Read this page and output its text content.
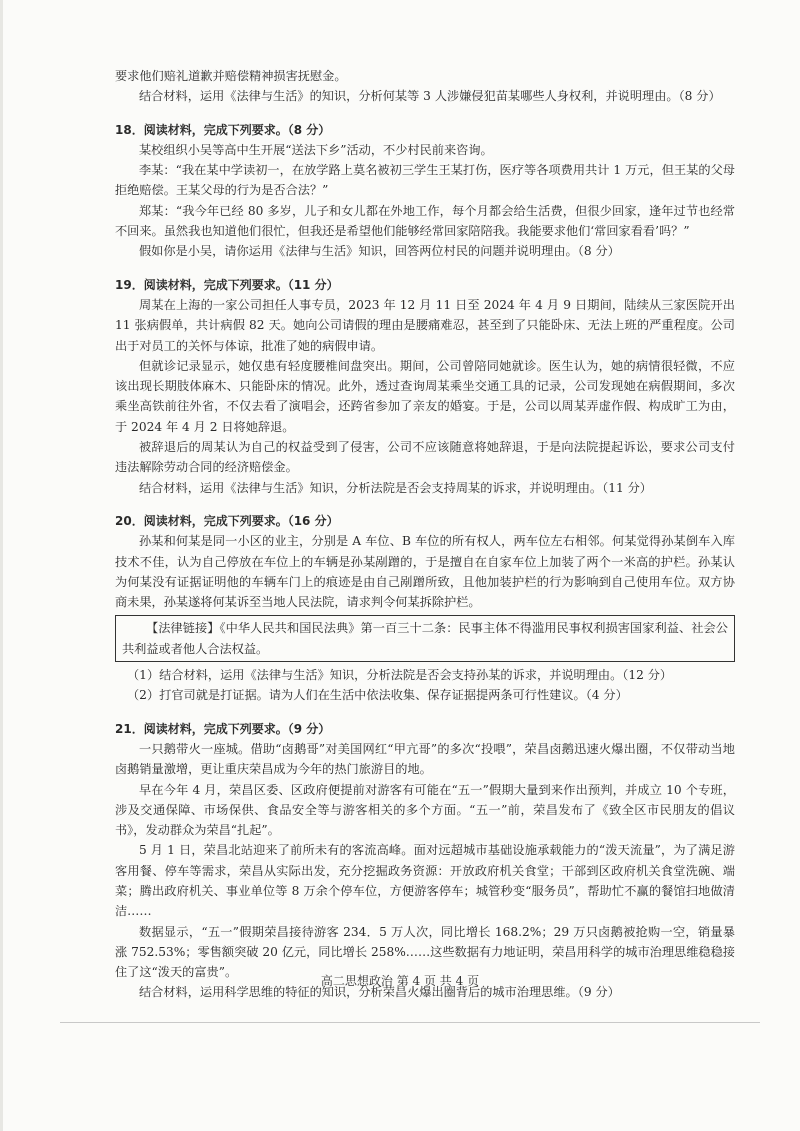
要求他们赔礼道歉并赔偿精神损害抚慰金。

结合材料，运用《法律与生活》的知识，分析何某等 3 人涉嫌侵犯苗某哪些人身权利，并说明理由。（8 分）

18．阅读材料，完成下列要求。（8 分）

某校组织小吴等高中生开展“送法下乡”活动，不少村民前来咨询。

李某：“我在某中学读初一，在放学路上莫名被初三学生王某打伤，医疗等各项费用共计 1 万元，但王某的父母拒绝赔偿。王某父母的行为是否合法？”

郑某：“我今年已经 80 多岁，儿子和女儿都在外地工作，每个月都会给生活费，但很少回家，逢年过节也经常不回来。虽然我也知道他们很忙，但我还是希望他们能够经常回家陪陪我。我能要求他们‘常回家看看’吗？”

假如你是小吴，请你运用《法律与生活》知识，回答两位村民的问题并说明理由。（8 分）

19．阅读材料，完成下列要求。（11 分）

周某在上海的一家公司担任人事专员，2023 年 12 月 11 日至 2024 年 4 月 9 日期间，陆续从三家医院开出 11 张病假单，共计病假 82 天。她向公司请假的理由是腰痛难忍，甚至到了只能卧床、无法上班的严重程度。公司出于对员工的关怀与体谅，批准了她的病假申请。

但就诊记录显示，她仅患有轻度腰椎间盘突出。期间，公司曾陪同她就诊。医生认为，她的病情很轻微，不应该出现长期肢体麻木、只能卧床的情况。此外，透过查询周某乘坐交通工具的记录，公司发现她在病假期间，多次乘坐高铁前往外省，不仅去看了演唱会，还跨省参加了亲友的婚宴。于是，公司以周某弄虚作假、构成旷工为由，于 2024 年 4 月 2 日将她辞退。

被辞退后的周某认为自己的权益受到了侵害，公司不应该随意将她辞退，于是向法院提起诉讼，要求公司支付违法解除劳动合同的经济赔偿金。

结合材料，运用《法律与生活》知识，分析法院是否会支持周某的诉求，并说明理由。（11 分）

20．阅读材料，完成下列要求。（16 分）

孙某和何某是同一小区的业主，分别是 A 车位、B 车位的所有权人，两车位左右相邻。何某觉得孙某倒车入库技术不佳，认为自己停放在车位上的车辆是孙某剐蹭的，于是擅自在自家车位上加装了两个一米高的护栏。孙某认为何某没有证据证明他的车辆车门上的痕迹是由自己剐蹭所致，且他加装护栏的行为影响到自己使用车位。双方协商未果，孙某遂将何某诉至当地人民法院，请求判令何某拆除护栏。

【法律链接】《中华人民共和国民法典》第一百三十二条：民事主体不得滥用民事权利损害国家利益、社会公共利益或者他人合法权益。

（1）结合材料，运用《法律与生活》知识，分析法院是否会支持孙某的诉求，并说明理由。（12 分）

（2）打官司就是打证据。请为人们在生活中依法收集、保存证据提两条可行性建议。（4 分）

21．阅读材料，完成下列要求。（9 分）

一只鹅带火一座城。借助“卤鹅哥”对美国网红“甲亢哥”的多次“投喂”，荣昌卤鹅迅速火爆出圈，不仅带动当地卤鹅销量激增，更让重庆荣昌成为今年的热门旅游目的地。

早在今年 4 月，荣昌区委、区政府便提前对游客有可能在“五一”假期大量到来作出预判，并成立 10 个专班，涉及交通保障、市场保供、食品安全等与游客相关的多个方面。“五一”前，荣昌发布了《致全区市民朋友的倡议书》，发动群众为荣昌“扎起”。

5 月 1 日，荣昌北站迎来了前所未有的客流高峰。面对远超城市基础设施承载能力的“泼天流量”，为了满足游客用餐、停车等需求，荣昌从实际出发，充分挖掘政务资源：开放政府机关食堂；干部到区政府机关食堂洗碗、端菜；腾出政府机关、事业单位等 8 万余个停车位，方便游客停车；城管秒变“服务员”，帮助忙不赢的餐馆扫地做清洁……

数据显示，“五一”假期荣昌接待游客 234．5 万人次，同比增长 168.2%；29 万只卤鹅被抢购一空，销量暴涨 752.53%；零售额突破 20 亿元，同比增长 258%……这些数据有力地证明，荣昌用科学的城市治理思维稳稳接住了这“泼天的富贵”。

结合材料，运用科学思维的特征的知识，分析荣昌火爆出圈背后的城市治理思维。（9 分）

高二思想政治 第 4 页 共 4 页
